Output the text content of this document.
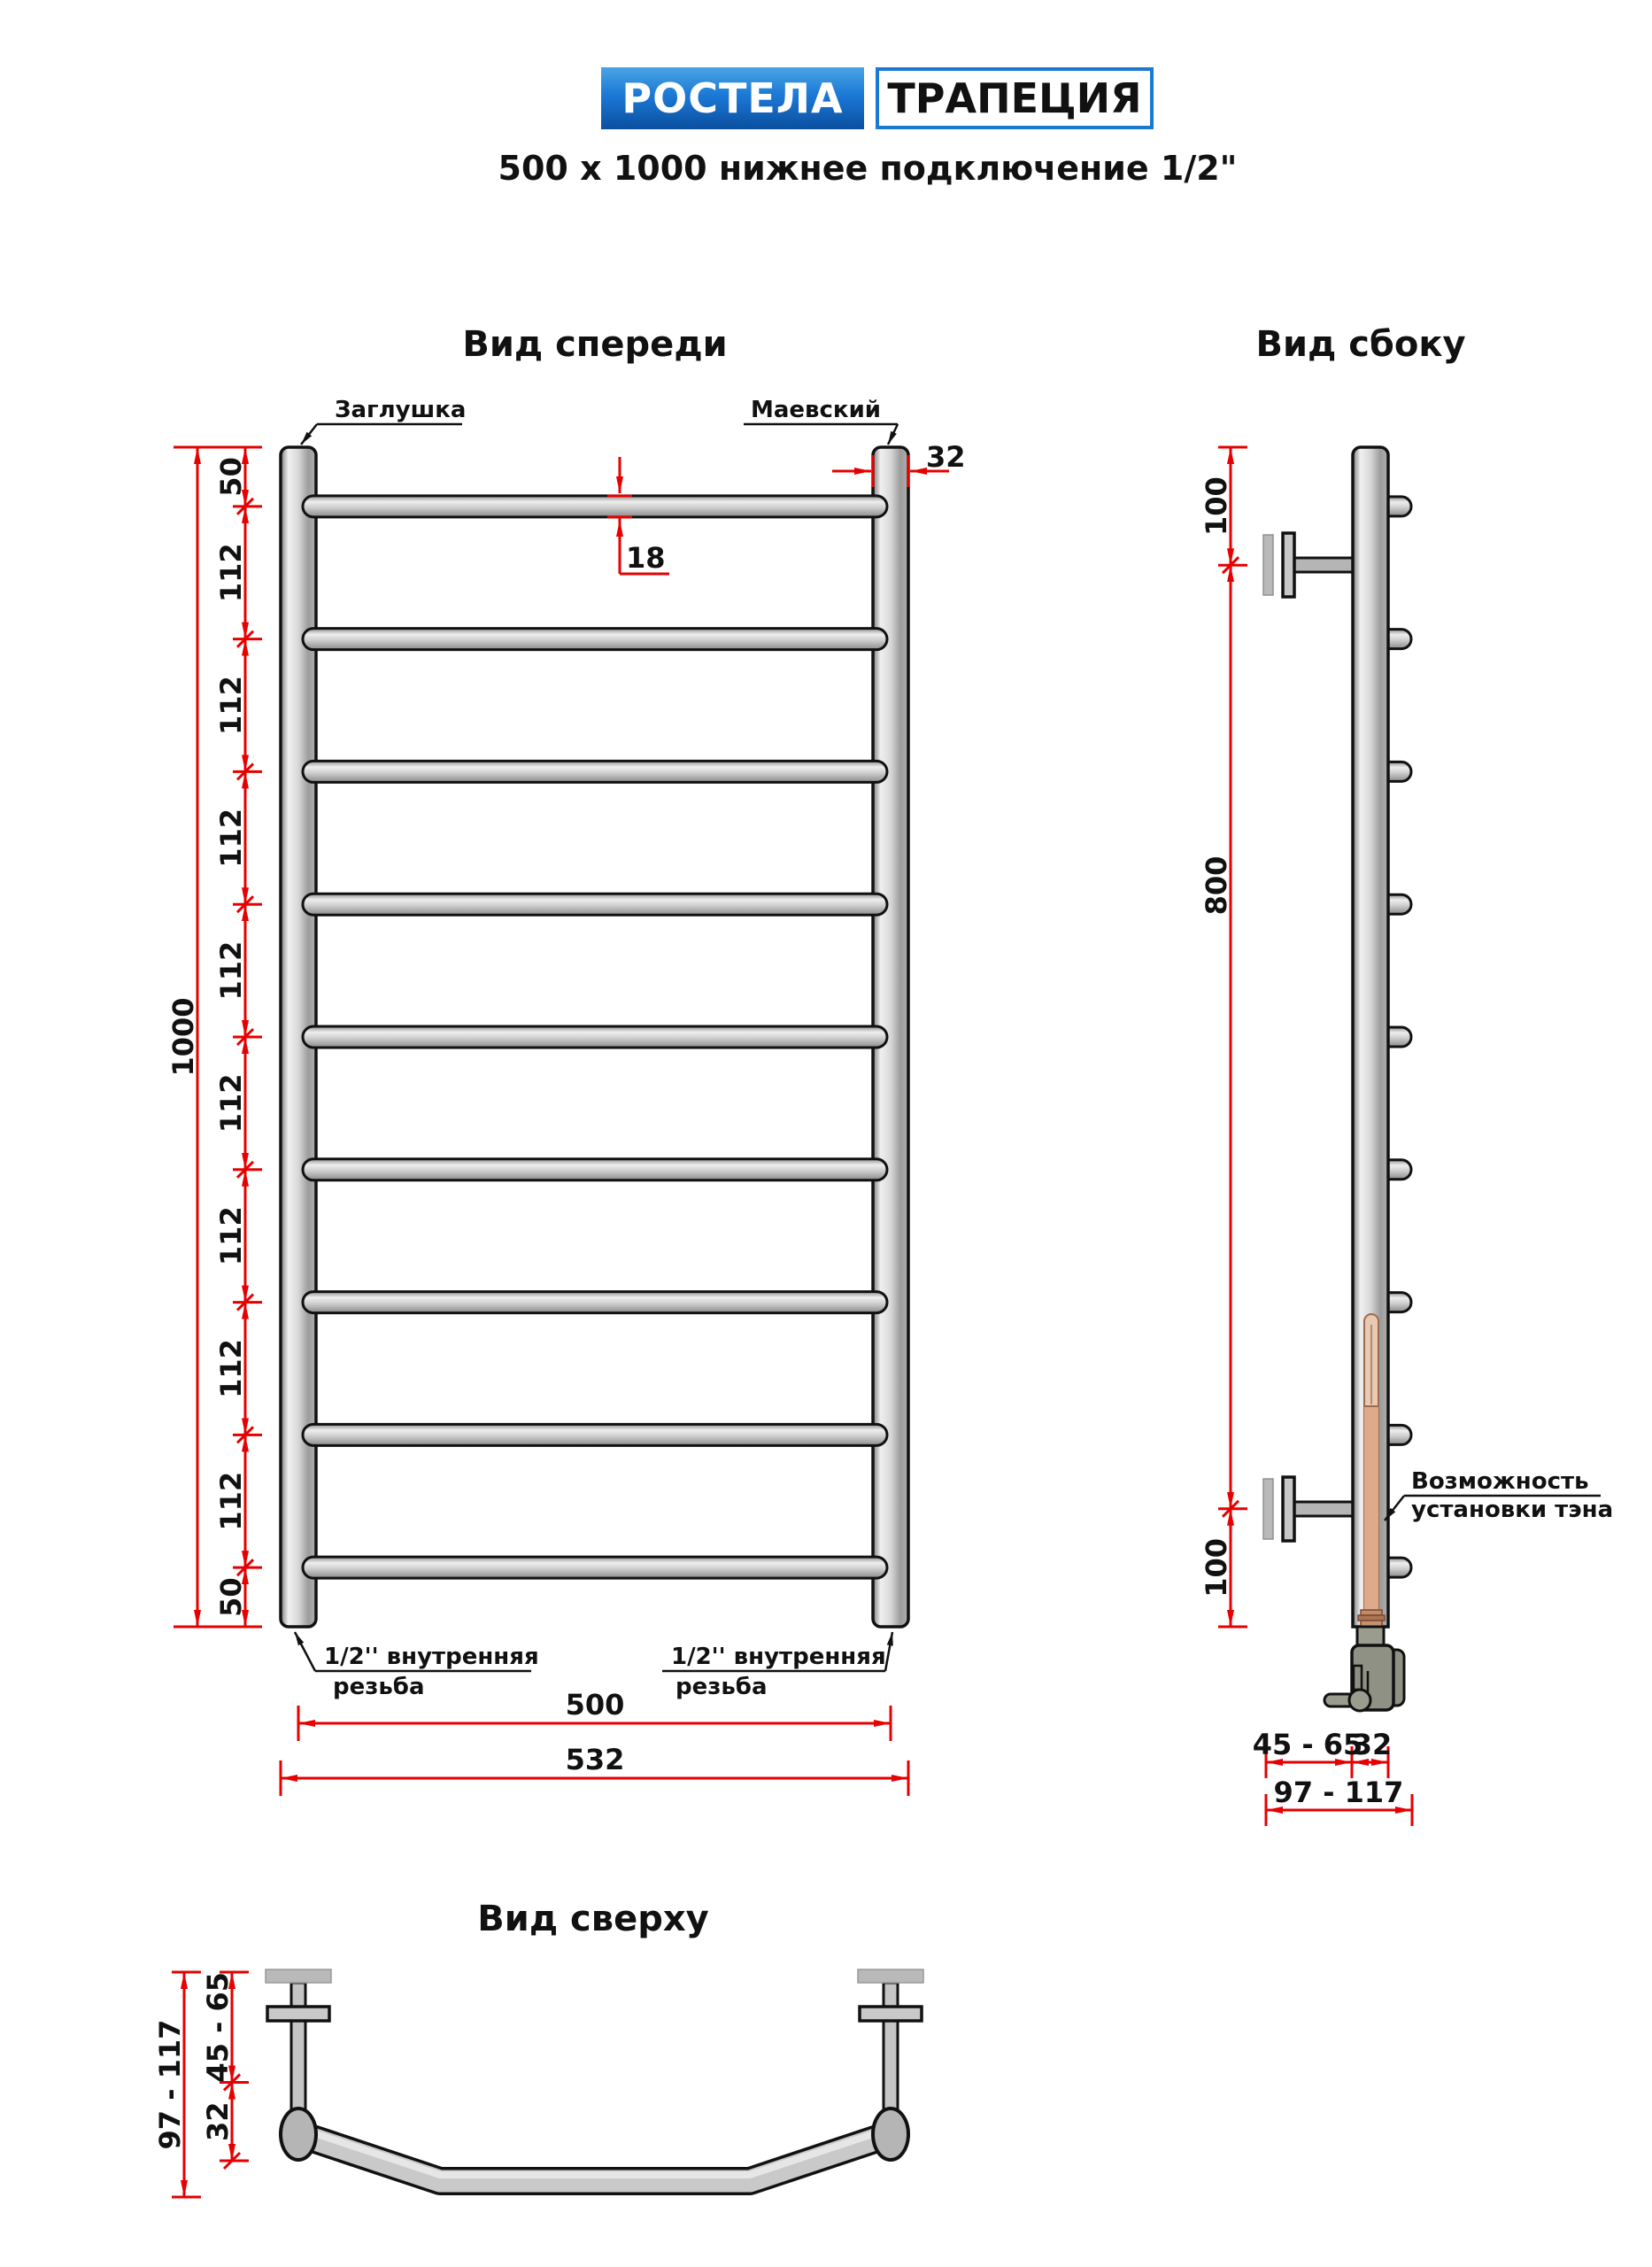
РОСТЕЛА	ТРАПЕЦИЯ
500 x 1000 нижнее подключение 1/2"
Вид спереди
50
112
112
112
112
112
112
112
112
50
1000
32
18
Заглушка	Маевский
1/2'' внутренняя
резьба
1/2'' внутренняя
резьба
500
532
Вид сбоку
100
800
100
Возможность
установки тэна
45 - 65
32
97 - 117
Вид сверху
97 - 117 45 - 65
32
